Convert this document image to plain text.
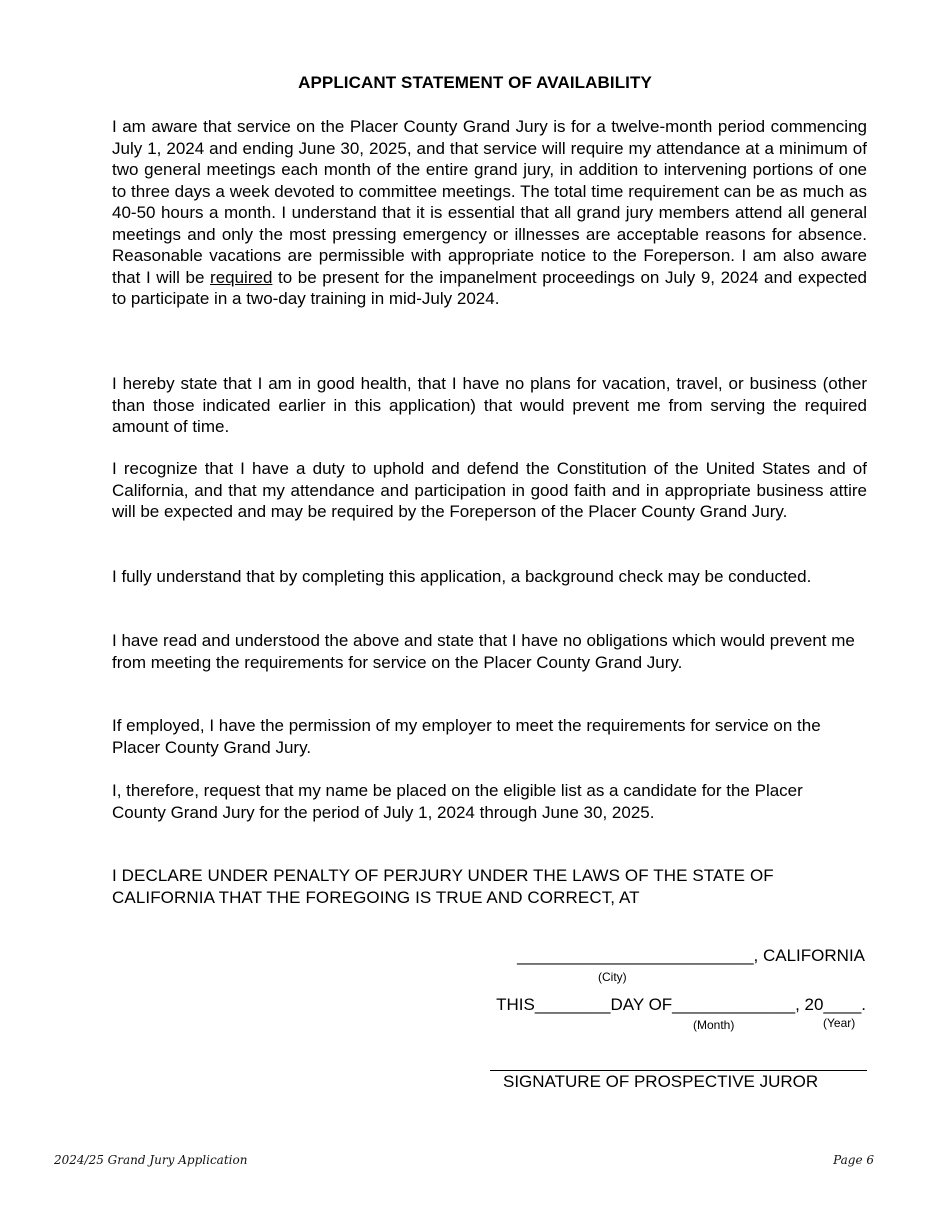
APPLICANT STATEMENT OF AVAILABILITY

I am aware that service on the Placer County Grand Jury is for a twelve-month period commencing July 1, 2024 and ending June 30, 2025, and that service will require my attendance at a minimum of two general meetings each month of the entire grand jury, in addition to intervening portions of one to three days a week devoted to committee meetings. The total time requirement can be as much as 40-50 hours a month. I understand that it is essential that all grand jury members attend all general meetings and only the most pressing emergency or illnesses are acceptable reasons for absence. Reasonable vacations are permissible with appropriate notice to the Foreperson. I am also aware that I will be required to be present for the impanelment proceedings on July 9, 2024 and expected to participate in a two-day training in mid-July 2024.

I hereby state that I am in good health, that I have no plans for vacation, travel, or business (other than those indicated earlier in this application) that would prevent me from serving the required amount of time.

I recognize that I have a duty to uphold and defend the Constitution of the United States and of California, and that my attendance and participation in good faith and in appropriate business attire will be expected and may be required by the Foreperson of the Placer County Grand Jury.

I fully understand that by completing this application, a background check may be conducted.

I have read and understood the above and state that I have no obligations which would prevent me from meeting the requirements for service on the Placer County Grand Jury.

If employed, I have the permission of my employer to meet the requirements for service on the Placer County Grand Jury.

I, therefore, request that my name be placed on the eligible list as a candidate for the Placer County Grand Jury for the period of July 1, 2024 through June 30, 2025.

I DECLARE UNDER PENALTY OF PERJURY UNDER THE LAWS OF THE STATE OF CALIFORNIA THAT THE FOREGOING IS TRUE AND CORRECT, AT

_________________________, CALIFORNIA
(City)
THIS________DAY OF_____________, 20____.
(Month)	(Year)
SIGNATURE OF PROSPECTIVE JUROR
2024/25 Grand Jury Application	Page 6
